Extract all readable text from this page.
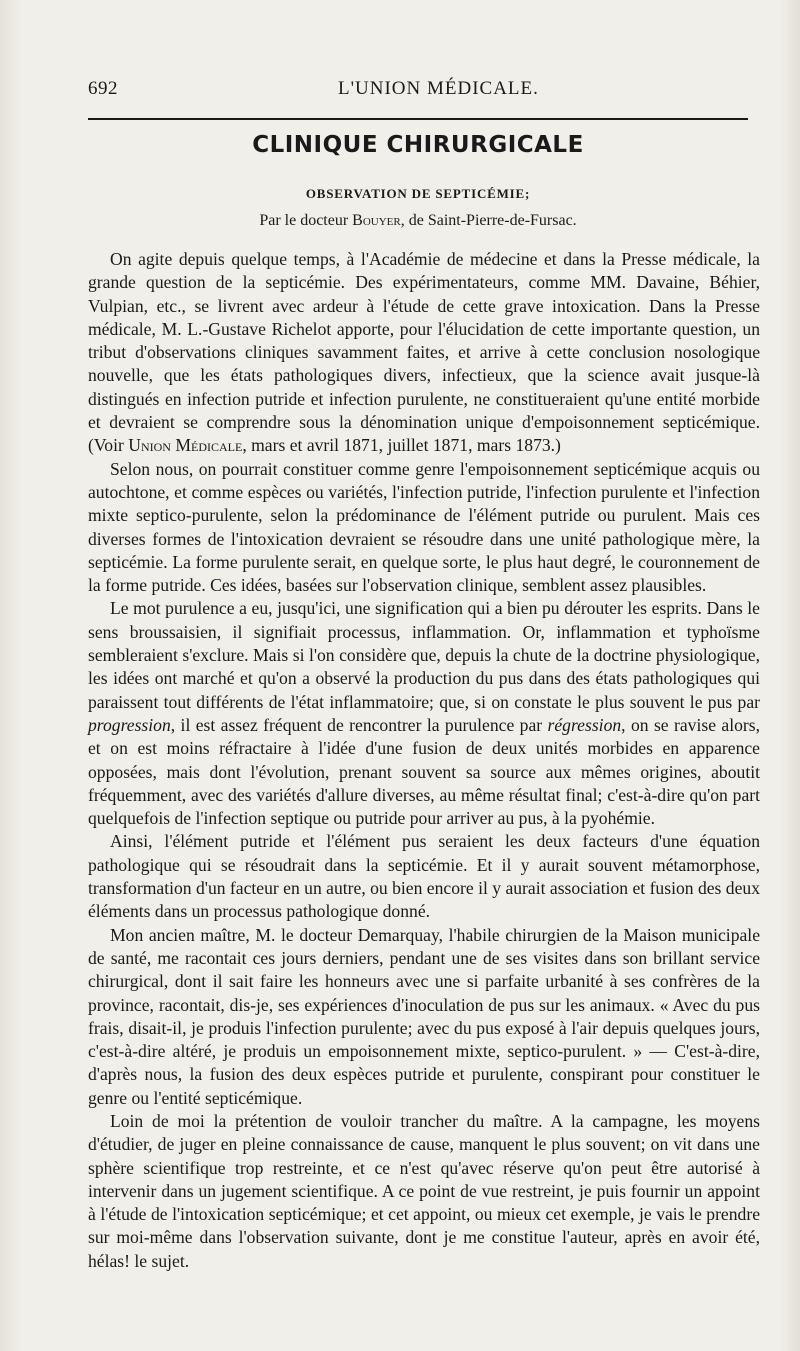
692	L'UNION MÉDICALE.
CLINIQUE CHIRURGICALE
OBSERVATION DE SEPTICÉMIE;
Par le docteur Bouyer, de Saint-Pierre-de-Fursac.

On agite depuis quelque temps, à l'Académie de médecine et dans la Presse médicale, la grande question de la septicémie. Des expérimentateurs, comme MM. Davaine, Béhier, Vulpian, etc., se livrent avec ardeur à l'étude de cette grave intoxication. Dans la Presse médicale, M. L.-Gustave Richelot apporte, pour l'élucidation de cette importante question, un tribut d'observations cliniques savamment faites, et arrive à cette conclusion nosologique nouvelle, que les états pathologiques divers, infectieux, que la science avait jusque-là distingués en infection putride et infection purulente, ne constitueraient qu'une entité morbide et devraient se comprendre sous la dénomination unique d'empoisonnement septicémique. (Voir Union Médicale, mars et avril 1871, juillet 1871, mars 1873.)

Selon nous, on pourrait constituer comme genre l'empoisonnement septicémique acquis ou autochtone, et comme espèces ou variétés, l'infection putride, l'infection purulente et l'infection mixte septico-purulente, selon la prédominance de l'élément putride ou purulent. Mais ces diverses formes de l'intoxication devraient se résoudre dans une unité pathologique mère, la septicémie. La forme purulente serait, en quelque sorte, le plus haut degré, le couronnement de la forme putride. Ces idées, basées sur l'observation clinique, semblent assez plausibles.

Le mot purulence a eu, jusqu'ici, une signification qui a bien pu dérouter les esprits. Dans le sens broussaisien, il signifiait processus, inflammation. Or, inflammation et typhoïsme sembleraient s'exclure. Mais si l'on considère que, depuis la chute de la doctrine physiologique, les idées ont marché et qu'on a observé la production du pus dans des états pathologiques qui paraissent tout différents de l'état inflammatoire; que, si on constate le plus souvent le pus par progression, il est assez fréquent de rencontrer la purulence par régression, on se ravise alors, et on est moins réfractaire à l'idée d'une fusion de deux unités morbides en apparence opposées, mais dont l'évolution, prenant souvent sa source aux mêmes origines, aboutit fréquemment, avec des variétés d'allure diverses, au même résultat final; c'est-à-dire qu'on part quelquefois de l'infection septique ou putride pour arriver au pus, à la pyohémie.

Ainsi, l'élément putride et l'élément pus seraient les deux facteurs d'une équation pathologique qui se résoudrait dans la septicémie. Et il y aurait souvent métamorphose, transformation d'un facteur en un autre, ou bien encore il y aurait association et fusion des deux éléments dans un processus pathologique donné.

Mon ancien maître, M. le docteur Demarquay, l'habile chirurgien de la Maison municipale de santé, me racontait ces jours derniers, pendant une de ses visites dans son brillant service chirurgical, dont il sait faire les honneurs avec une si parfaite urbanité à ses confrères de la province, racontait, dis-je, ses expériences d'inoculation de pus sur les animaux. « Avec du pus frais, disait-il, je produis l'infection purulente; avec du pus exposé à l'air depuis quelques jours, c'est-à-dire altéré, je produis un empoisonnement mixte, septico-purulent. » — C'est-à-dire, d'après nous, la fusion des deux espèces putride et purulente, conspirant pour constituer le genre ou l'entité septicémique.

Loin de moi la prétention de vouloir trancher du maître. A la campagne, les moyens d'étudier, de juger en pleine connaissance de cause, manquent le plus souvent; on vit dans une sphère scientifique trop restreinte, et ce n'est qu'avec réserve qu'on peut être autorisé à intervenir dans un jugement scientifique. A ce point de vue restreint, je puis fournir un appoint à l'étude de l'intoxication septicémique; et cet appoint, ou mieux cet exemple, je vais le prendre sur moi-même dans l'observation suivante, dont je me constitue l'auteur, après en avoir été, hélas! le sujet.
